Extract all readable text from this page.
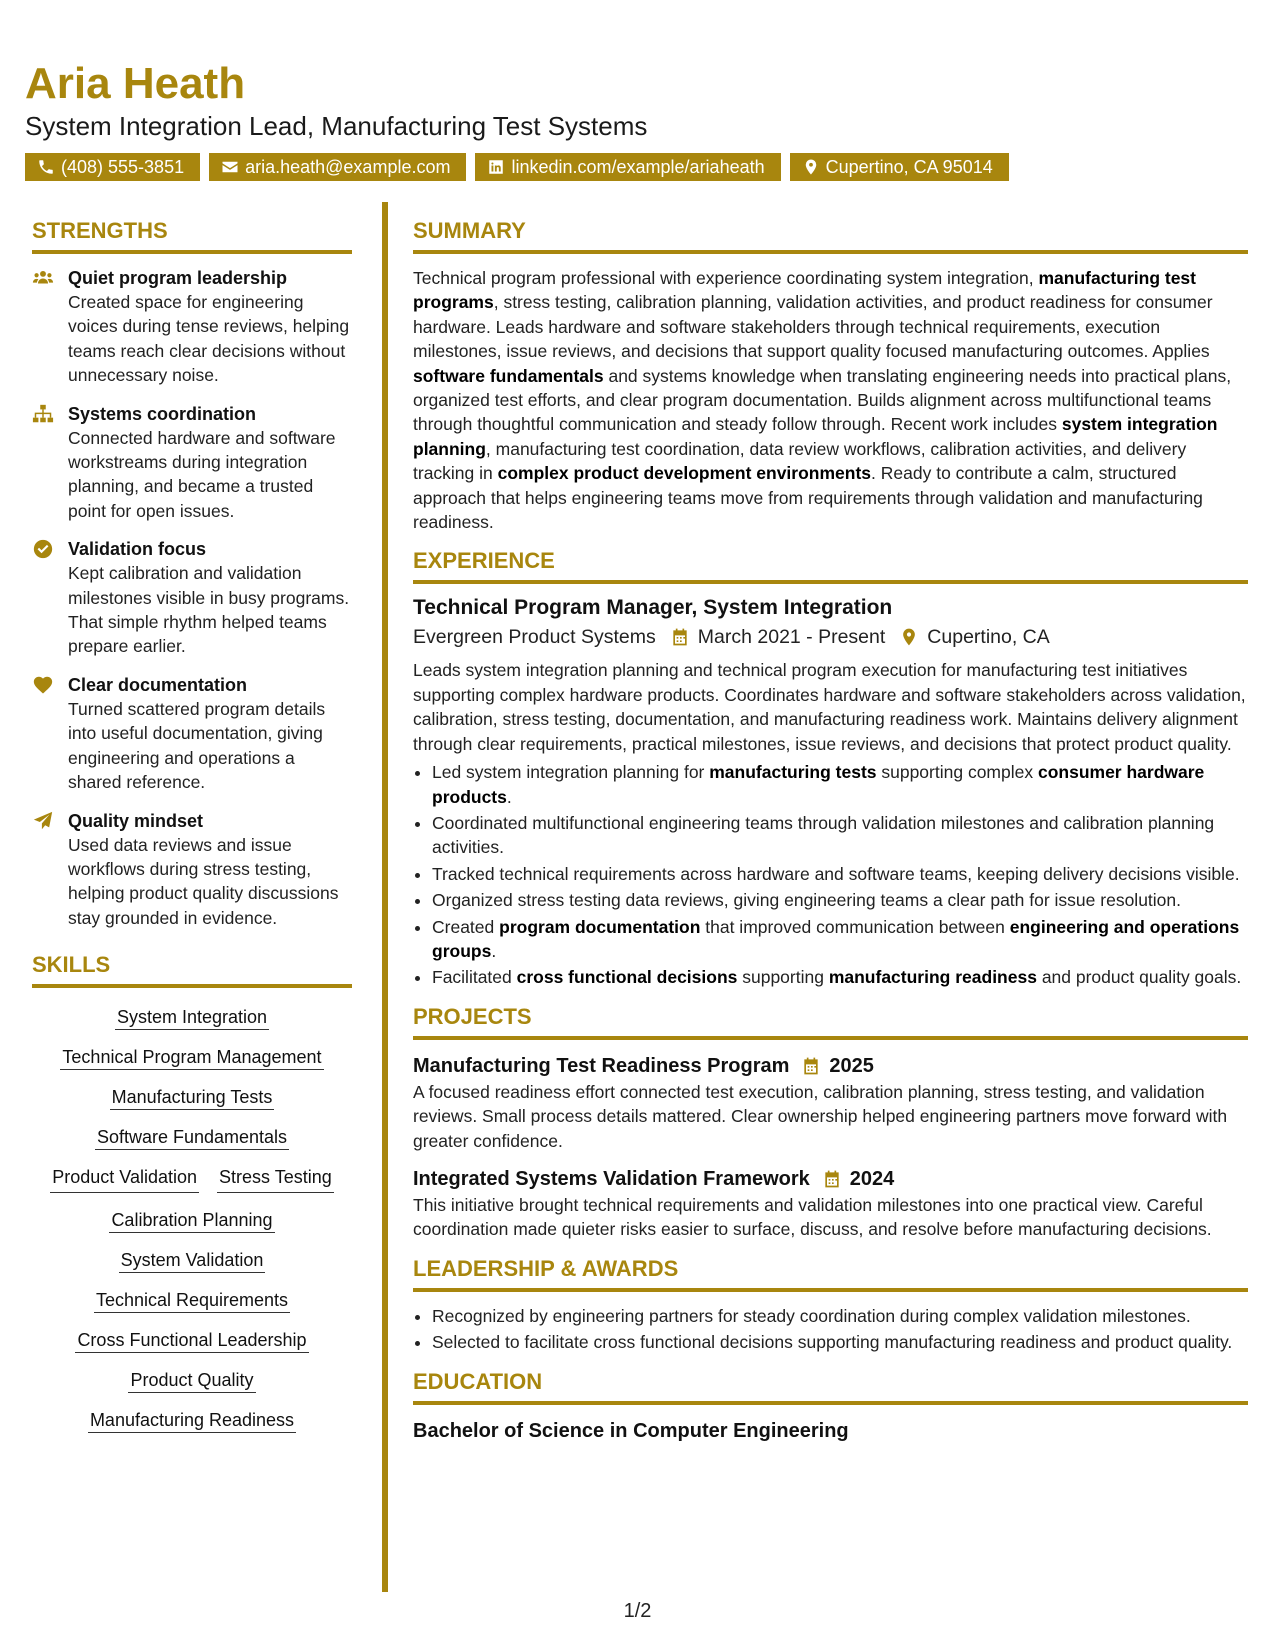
Aria Heath
System Integration Lead, Manufacturing Test Systems
(408) 555-3851	aria.heath@example.com	linkedin.com/example/ariaheath	Cupertino, CA 95014
STRENGTHS
Quiet program leadership
Created space for engineering voices during tense reviews, helping teams reach clear decisions without unnecessary noise.
Systems coordination
Connected hardware and software workstreams during integration planning, and became a trusted point for open issues.
Validation focus
Kept calibration and validation milestones visible in busy programs. That simple rhythm helped teams prepare earlier.
Clear documentation
Turned scattered program details into useful documentation, giving engineering and operations a shared reference.
Quality mindset
Used data reviews and issue workflows during stress testing, helping product quality discussions stay grounded in evidence.
SKILLS
System Integration
Technical Program Management
Manufacturing Tests
Software Fundamentals
Product Validation Stress Testing
Calibration Planning
System Validation
Technical Requirements
Cross Functional Leadership
Product Quality
Manufacturing Readiness
SUMMARY

Technical program professional with experience coordinating system integration, manufacturing test programs, stress testing, calibration planning, validation activities, and product readiness for consumer hardware. Leads hardware and software stakeholders through technical requirements, execution milestones, issue reviews, and decisions that support quality focused manufacturing outcomes. Applies software fundamentals and systems knowledge when translating engineering needs into practical plans, organized test efforts, and clear program documentation. Builds alignment across multifunctional teams through thoughtful communication and steady follow through. Recent work includes system integration planning, manufacturing test coordination, data review workflows, calibration activities, and delivery tracking in complex product development environments. Ready to contribute a calm, structured approach that helps engineering teams move from requirements through validation and manufacturing readiness.

EXPERIENCE
Technical Program Manager, System Integration
Evergreen Product Systems March 2021 - Present Cupertino, CA

Leads system integration planning and technical program execution for manufacturing test initiatives supporting complex hardware products. Coordinates hardware and software stakeholders across validation, calibration, stress testing, documentation, and manufacturing readiness work. Maintains delivery alignment through clear requirements, practical milestones, issue reviews, and decisions that protect product quality.

• Led system integration planning for manufacturing tests supporting complex consumer hardware products.
• Coordinated multifunctional engineering teams through validation milestones and calibration planning activities.
• Tracked technical requirements across hardware and software teams, keeping delivery decisions visible.
• Organized stress testing data reviews, giving engineering teams a clear path for issue resolution.
• Created program documentation that improved communication between engineering and operations groups.
• Facilitated cross functional decisions supporting manufacturing readiness and product quality goals.
PROJECTS
Manufacturing Test Readiness Program 2025

A focused readiness effort connected test execution, calibration planning, stress testing, and validation reviews. Small process details mattered. Clear ownership helped engineering partners move forward with greater confidence.

Integrated Systems Validation Framework 2024

This initiative brought technical requirements and validation milestones into one practical view. Careful coordination made quieter risks easier to surface, discuss, and resolve before manufacturing decisions.

LEADERSHIP & AWARDS
• Recognized by engineering partners for steady coordination during complex validation milestones.
• Selected to facilitate cross functional decisions supporting manufacturing readiness and product quality.
EDUCATION
Bachelor of Science in Computer Engineering
1/2
